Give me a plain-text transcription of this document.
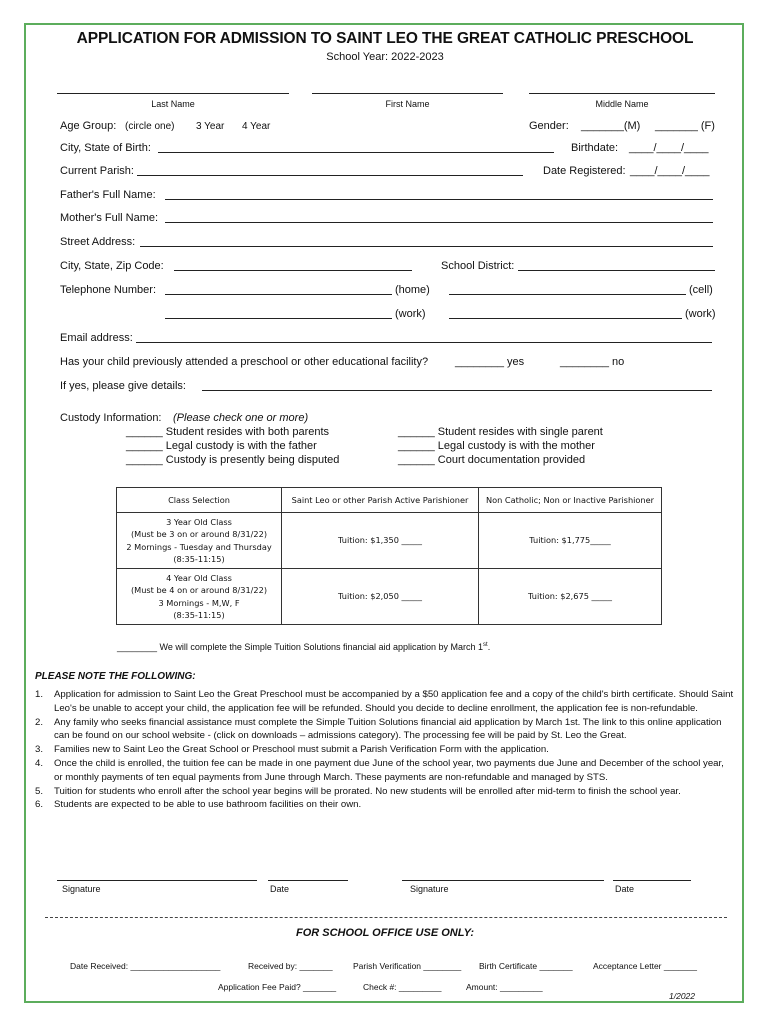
APPLICATION FOR ADMISSION TO SAINT LEO THE GREAT CATHOLIC PRESCHOOL
School Year: 2022-2023
Last Name	First Name	Middle Name
Age Group: (circle one) 3 Year 4 Year	Gender: _______(M) _______ (F)
City, State of Birth:	Birthdate: ____/____/____
Current Parish:	Date Registered: ____/____/____
Father's Full Name:
Mother's Full Name:
Street Address:
City, State, Zip Code:	School District:
Telephone Number:	(home)	(cell)
(work)	(work)
Email address:
Has your child previously attended a preschool or other educational facility? ________ yes	________ no
If yes, please give details:
Custody Information: (Please check one or more)
______ Student resides with both parents
______ Legal custody is with the father
______ Custody is presently being disputed
______ Student resides with single parent
______ Legal custody is with the mother
______ Court documentation provided
Class Selection	Saint Leo or other Parish Active Parishioner	Non Catholic; Non or Inactive Parishioner

3 Year Old Class
(Must be 3 on or around 8/31/22)
2 Mornings - Tuesday and Thursday
(8:35-11:15)	Tuition: $1,350 _____	Tuition: $1,775_____

4 Year Old Class
(Must be 4 on or around 8/31/22)
3 Mornings - M,W, F
(8:35-11:15)	Tuition: $2,050 _____	Tuition: $2,675 _____
________ We will complete the Simple Tuition Solutions financial aid application by March 1st.
PLEASE NOTE THE FOLLOWING:
1. Application for admission to Saint Leo the Great Preschool must be accompanied by a $50 application fee and a copy of the child's birth certificate. Should Saint Leo's be unable to accept your child, the application fee will be refunded. Should you decide to decline enrollment, the application fee is non-refundable.
2. Any family who seeks financial assistance must complete the Simple Tuition Solutions financial aid application by March 1st. The link to this online application can be found on our school website - (click on downloads – admissions category). The processing fee will be paid by St. Leo the Great.
3. Families new to Saint Leo the Great School or Preschool must submit a Parish Verification Form with the application.
4. Once the child is enrolled, the tuition fee can be made in one payment due June of the school year, two payments due June and December of the school year, or monthly payments of ten equal payments from June through March. These payments are non-refundable and managed by STS.
5. Tuition for students who enroll after the school year begins will be prorated. No new students will be enrolled after mid-term to finish the school year.
6. Students are expected to be able to use bathroom facilities on their own.
Signature	Date	Signature	Date
FOR SCHOOL OFFICE USE ONLY:
Date Received: ___________________	Received by: _______ Parish Verification ________ Birth Certificate _______ Acceptance Letter _______
Application Fee Paid? _______	Check #: _________	Amount: _________
1/2022
